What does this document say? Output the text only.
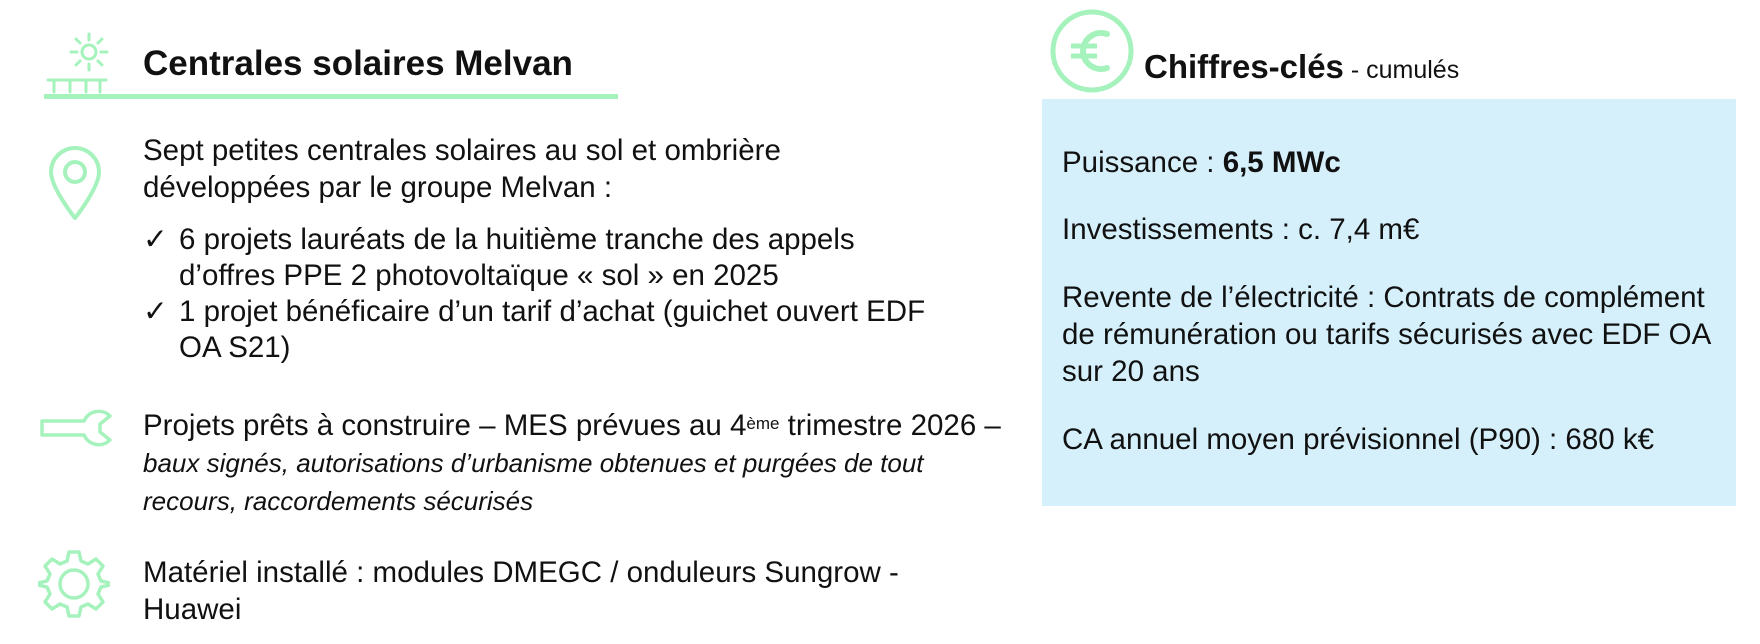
Centrales solaires Melvan
Sept petites centrales solaires au sol et ombrière développées par le groupe Melvan :
✓ 6 projets lauréats de la huitième tranche des appels d’offres PPE 2 photovoltaïque « sol » en 2025
✓ 1 projet bénéficaire d’un tarif d’achat (guichet ouvert EDF OA S21)
Projets prêts à construire – MES prévues au 4ème trimestre 2026 – baux signés, autorisations d’urbanisme obtenues et purgées de tout recours, raccordements sécurisés
Matériel installé : modules DMEGC / onduleurs Sungrow - Huawei
Chiffres-clés - cumulés
Puissance : 6,5 MWc
Investissements : c. 7,4 m€
Revente de l’électricité : Contrats de complément de rémunération ou tarifs sécurisés avec EDF OA sur 20 ans
CA annuel moyen prévisionnel (P90) : 680 k€
